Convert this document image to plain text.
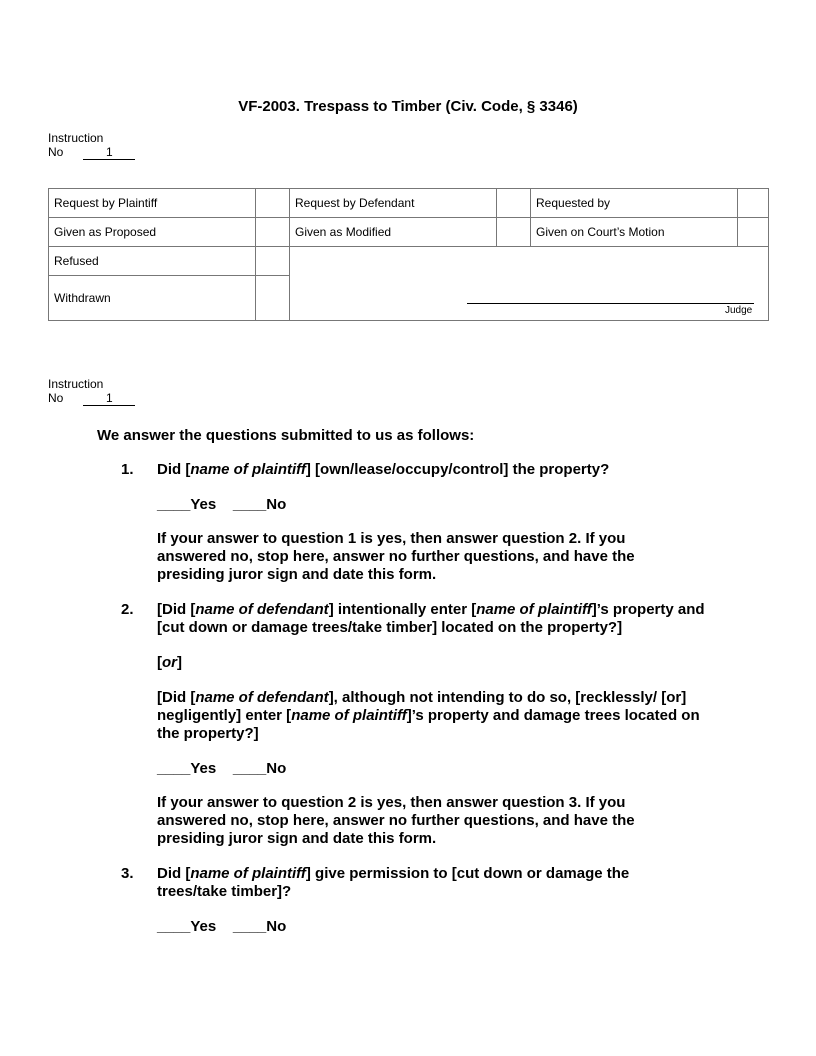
VF-2003. Trespass to Timber (Civ. Code, § 3346)
Instruction
No	1
Request by Plaintiff		Request by Defendant		Requested by	
Given as Proposed		Given as Modified		Given on Court’s Motion	
Refused					
Withdrawn					
Judge
Instruction
No	1
We answer the questions submitted to us as follows:
1. Did [name of plaintiff] [own/lease/occupy/control] the property?
____Yes ____No
If your answer to question 1 is yes, then answer question 2. If you answered no, stop here, answer no further questions, and have the presiding juror sign and date this form.
2. [Did [name of defendant] intentionally enter [name of plaintiff]’s property and [cut down or damage trees/take timber] located on the property?]
[or]
[Did [name of defendant], although not intending to do so, [recklessly/ [or] negligently] enter [name of plaintiff]’s property and damage trees located on the property?]
____Yes ____No
If your answer to question 2 is yes, then answer question 3. If you answered no, stop here, answer no further questions, and have the presiding juror sign and date this form.
3. Did [name of plaintiff] give permission to [cut down or damage the trees/take timber]?
____Yes ____No
